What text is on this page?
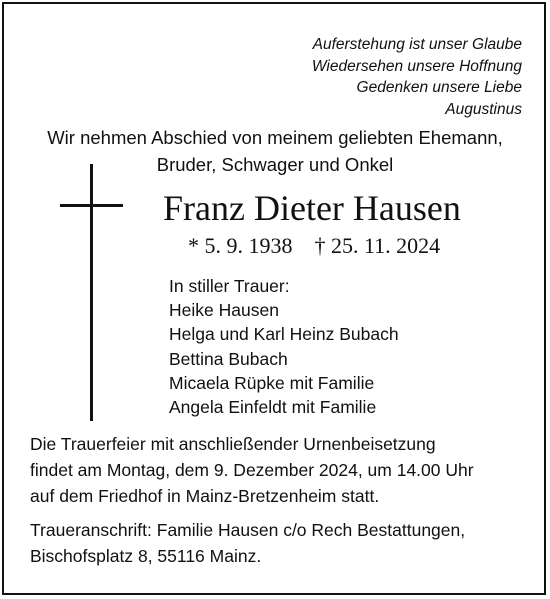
Auferstehung ist unser Glaube
Wiedersehen unsere Hoffnung
Gedenken unsere Liebe
Augustinus
Wir nehmen Abschied von meinem geliebten Ehemann,
Bruder, Schwager und Onkel
Franz Dieter Hausen
* 5. 9. 1938 † 25. 11. 2024
In stiller Trauer:
Heike Hausen
Helga und Karl Heinz Bubach
Bettina Bubach
Micaela Rüpke mit Familie
Angela Einfeldt mit Familie
Die Trauerfeier mit anschließender Urnenbeisetzung
findet am Montag, dem 9. Dezember 2024, um 14.00 Uhr
auf dem Friedhof in Mainz-Bretzenheim statt.
Traueranschrift: Familie Hausen c/o Rech Bestattungen,
Bischofsplatz 8, 55116 Mainz.
